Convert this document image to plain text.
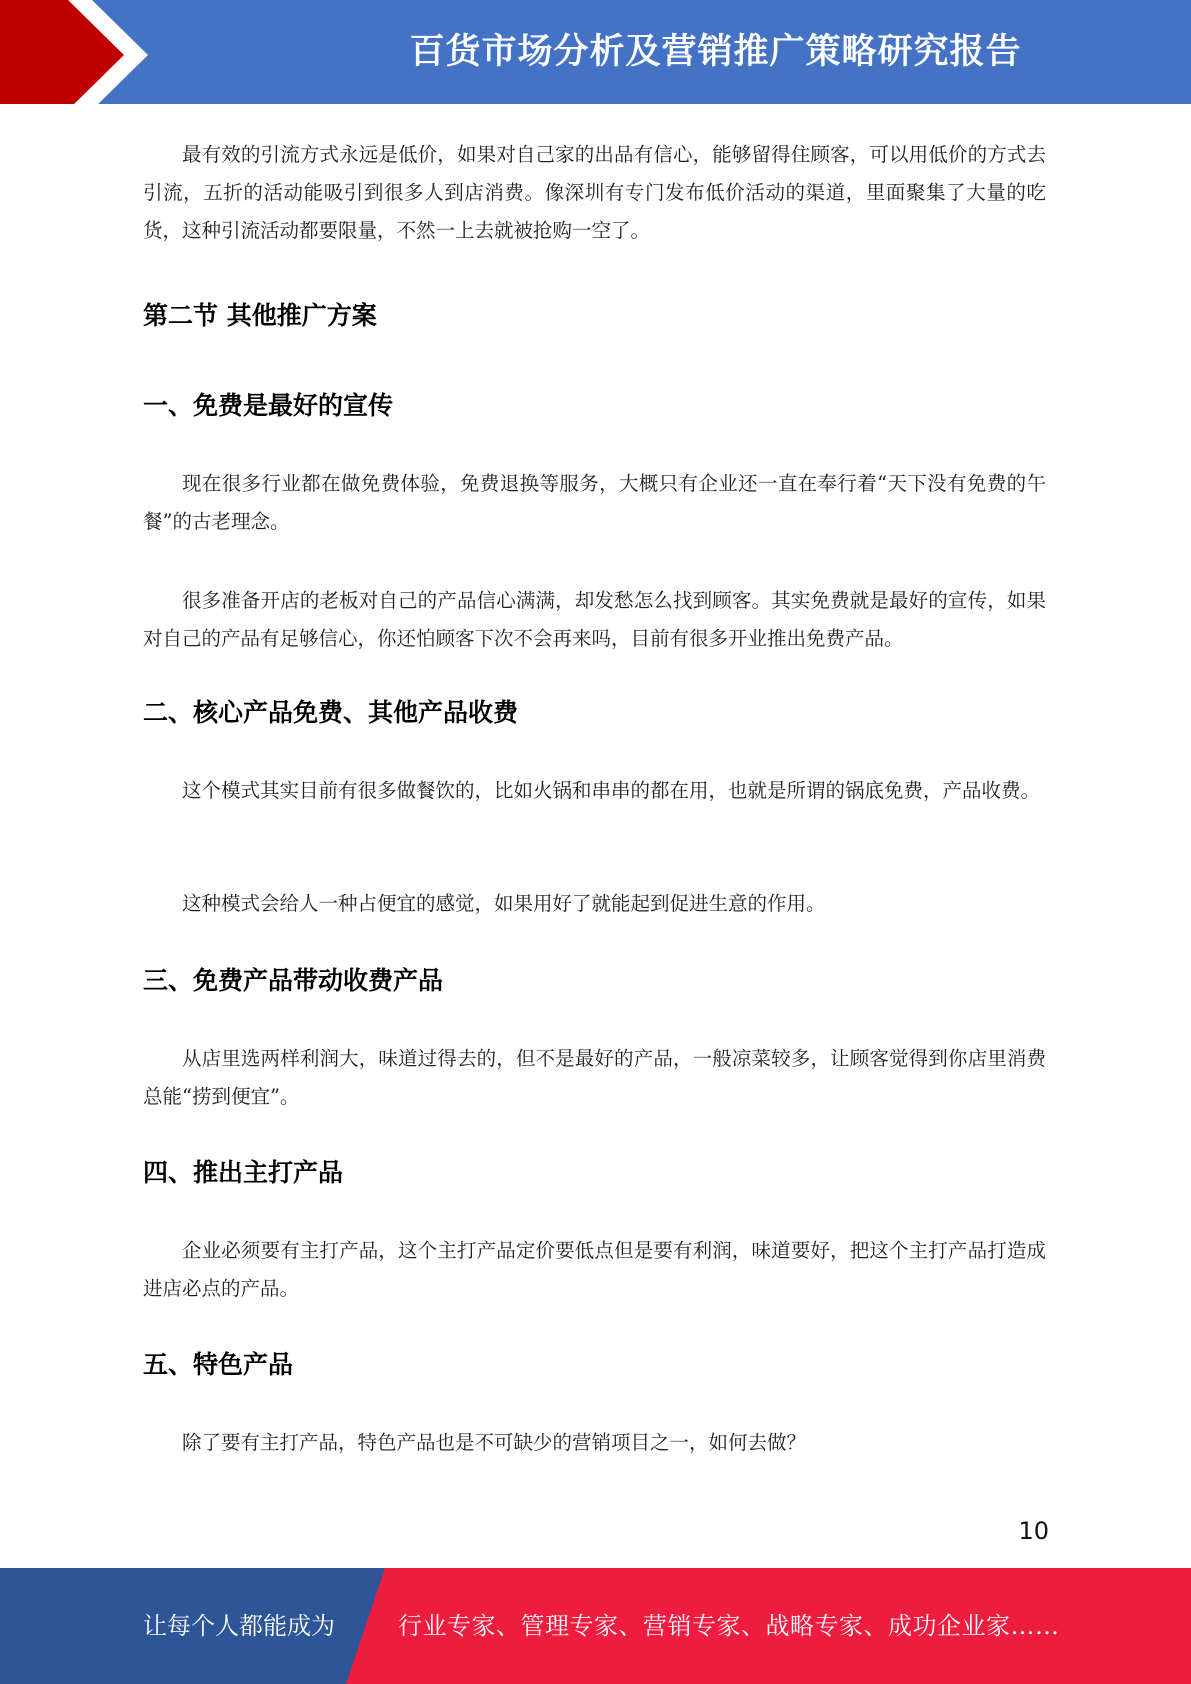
百货市场分析及营销推广策略研究报告

最有效的引流方式永远是低价，如果对自己家的出品有信心，能够留得住顾客，可以用低价的方式去引流，五折的活动能吸引到很多人到店消费。像深圳有专门发布低价活动的渠道，里面聚集了大量的吃货，这种引流活动都要限量，不然一上去就被抢购一空了。

第二节 其他推广方案
一、免费是最好的宣传

现在很多行业都在做免费体验，免费退换等服务，大概只有企业还一直在奉行着“天下没有免费的午餐”的古老理念。

很多准备开店的老板对自己的产品信心满满，却发愁怎么找到顾客。其实免费就是最好的宣传，如果对自己的产品有足够信心，你还怕顾客下次不会再来吗，目前有很多开业推出免费产品。

二、核心产品免费、其他产品收费

这个模式其实目前有很多做餐饮的，比如火锅和串串的都在用，也就是所谓的锅底免费，产品收费。

这种模式会给人一种占便宜的感觉，如果用好了就能起到促进生意的作用。

三、免费产品带动收费产品

从店里选两样利润大，味道过得去的，但不是最好的产品，一般凉菜较多，让顾客觉得到你店里消费总能“捞到便宜”。

四、推出主打产品

企业必须要有主打产品，这个主打产品定价要低点但是要有利润，味道要好，把这个主打产品打造成进店必点的产品。

五、特色产品

除了要有主打产品，特色产品也是不可缺少的营销项目之一，如何去做？

10
让每个人都能成为	行业专家、管理专家、营销专家、战略专家、成功企业家……
